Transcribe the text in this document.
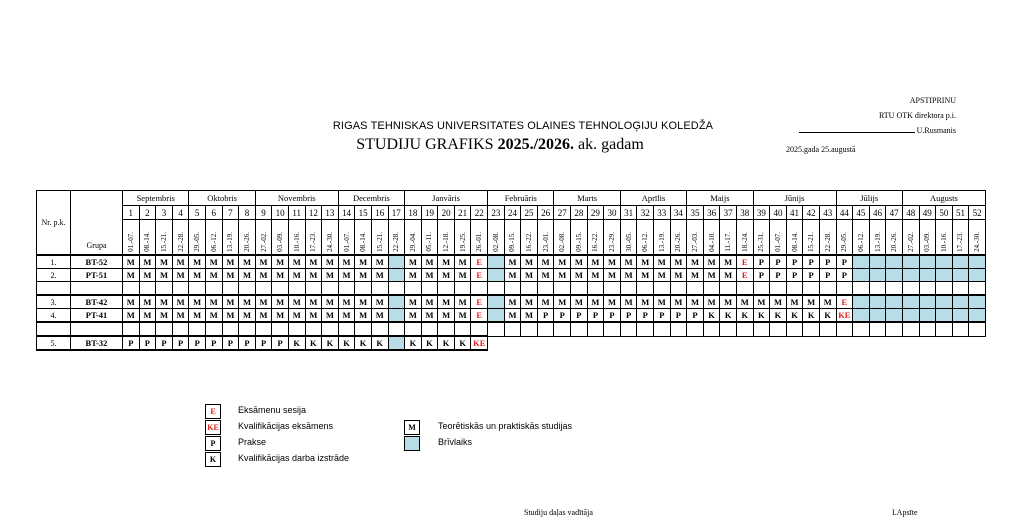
APSTIPRINU
RTU OTK direktora p.i.
U.Rusmanis
RIGAS TEHNISKAS UNIVERSITATES OLAINES TEHNOLOĢIJU KOLEDŽA
STUDIJU GRAFIKS 2025./2026. ak. gadam	2025.gada 25.augustā
Nr. p.k.	Grupa	Septembris				Oktobris				Novembris					Decembris				Janvāris					Februāris				Marts				Aprīlis				Maijs				Jūnijs					Jūlijs				Augusts				
		1	2	3	4	5	6	7	8	9	10	11	12	13	14	15	16	17	18	19	20	21	22	23	24	25	26	27	28	29	30	31	32	33	34	35	36	37	38	39	40	41	42	43	44	45	46	47	48	49	50	51	52
		01.-07.	08.-14.	15.-21.	22.-28.	29.-05.	06.-12.	13.-19.	20.-26.	27.-02.	03.-09.	10.-16.	17.-23.	24.-30.	01.-07.	08.-14.	15.-21.	22.-28.	29.-04.	05.-11.	12.-18.	19.-25.	26.-01.	02.-08.	09.-15.	16.-22.	23.-01.	02.-08.	09.-15.	16.-22.	23.-29.	30.-05.	06.-12.	13.-19.	20.-26.	27.-03.	04.-10.	11.-17.	18.-24.	25.-31.	01.-07.	08.-14.	15.-21.	22.-28.	29.-05.	06.-12.	13.-19.	20.-26.	27.-02.	03.-09.	10.-16.	17.-23.	24.-30.
1.	BT-52	M	M	M	M	M	M	M	M	M	M	M	M	M	M	M	M		M	M	M	M	E		M	M	M	M	M	M	M	M	M	M	M	M	M	M	E	P	P	P	P	P	P								
2.	PT-51	M	M	M	M	M	M	M	M	M	M	M	M	M	M	M	M		M	M	M	M	E		M	M	M	M	M	M	M	M	M	M	M	M	M	M	E	P	P	P	P	P	P								

3.	BT-42	M	M	M	M	M	M	M	M	M	M	M	M	M	M	M	M		M	M	M	M	E		M	M	M	M	M	M	M	M	M	M	M	M	M	M	M	M	M	M	M	M	E								
4.	PT-41	M	M	M	M	M	M	M	M	M	M	M	M	M	M	M	M		M	M	M	M	E		M	M	P	P	P	P	P	P	P	P	P	P	K	K	K	K	K	K	K	K	KE								

5.	BT-32	P	P	P	P	P	P	P	P	P	P	K	K	K	K	K	K		K	K	K	K	KE																														
E	Eksāmenu sesija
KE Kvalifikācijas eksāmens
P	Prakse
K	Kvalifikācijas darba izstrāde
M	Teorētiskās un praktiskās studijas
Brīvlaiks
Studiju daļas vadītāja	I.Apsīte
